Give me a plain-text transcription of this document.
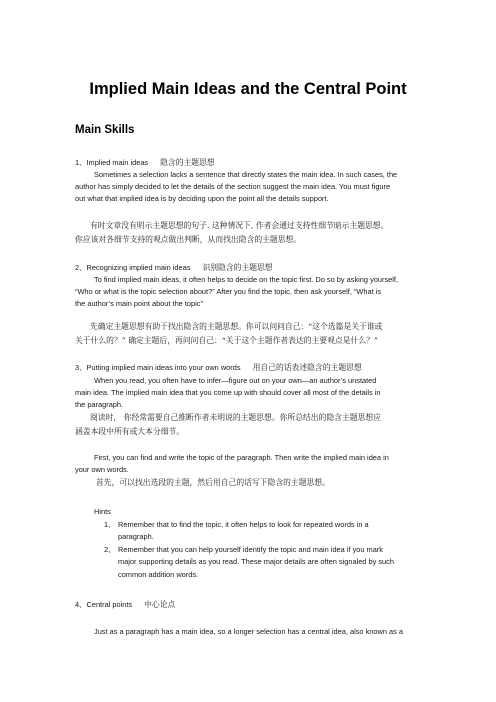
Implied Main Ideas and the Central Point
Main Skills
1、Implied main ideas 隐含的主题思想
Sometimes a selection lacks a sentence that directly states the main idea. In such cases, the
author has simply decided to let the details of the section suggest the main idea. You must figure
out what that implied idea is by deciding upon the point all the details support.
有时文章没有明示主题思想的句子. 这种情况下, 作者会通过支持性细节暗示主题思想。
你应该对各细节支持的观点做出判断，从而找出隐含的主题思想。
2、Recognizing implied main ideas 识别隐含的主题思想
To find implied main ideas, it often helps to decide on the topic first. Do so by asking yourself,
“Who or what is the topic selection about?” After you find the topic, then ask yourself, “What is
the author’s main point about the topic”
先确定主题思想有助于找出隐含的主题思想。你可以问问自己：“这个选篇是关于谁或
关于什么的？” 确定主题后，再问问自己：“关于这个主题作者表达的主要观点是什么？”
3、Putting implied main ideas into your own words 用自己的话表述隐含的主题思想
When you read, you often have to infer—figure out on your own—an author’s unstated
main idea. The implied main idea that you come up with should cover all most of the details in
the paragraph.
阅读时， 你经常需要自己推断作者未明说的主题思想。你所总结出的隐含主题思想应
涵盖本段中所有或大本分细节。
First, you can find and write the topic of the paragraph. Then write the implied main idea in
your own words.
首先，可以找出选段的主题，然后用自己的话写下隐含的主题思想。
Hints
1、 Remember that to find the topic, it often helps to look for repeated words in a
paragraph.
2、 Remember that you can help yourself identify the topic and main idea if you mark
major supporting details as you read. These major details are often signaled by such
common addition words.
4、Central points 中心论点
Just as a paragraph has a main idea, so a longer selection has a central idea, also known as a
